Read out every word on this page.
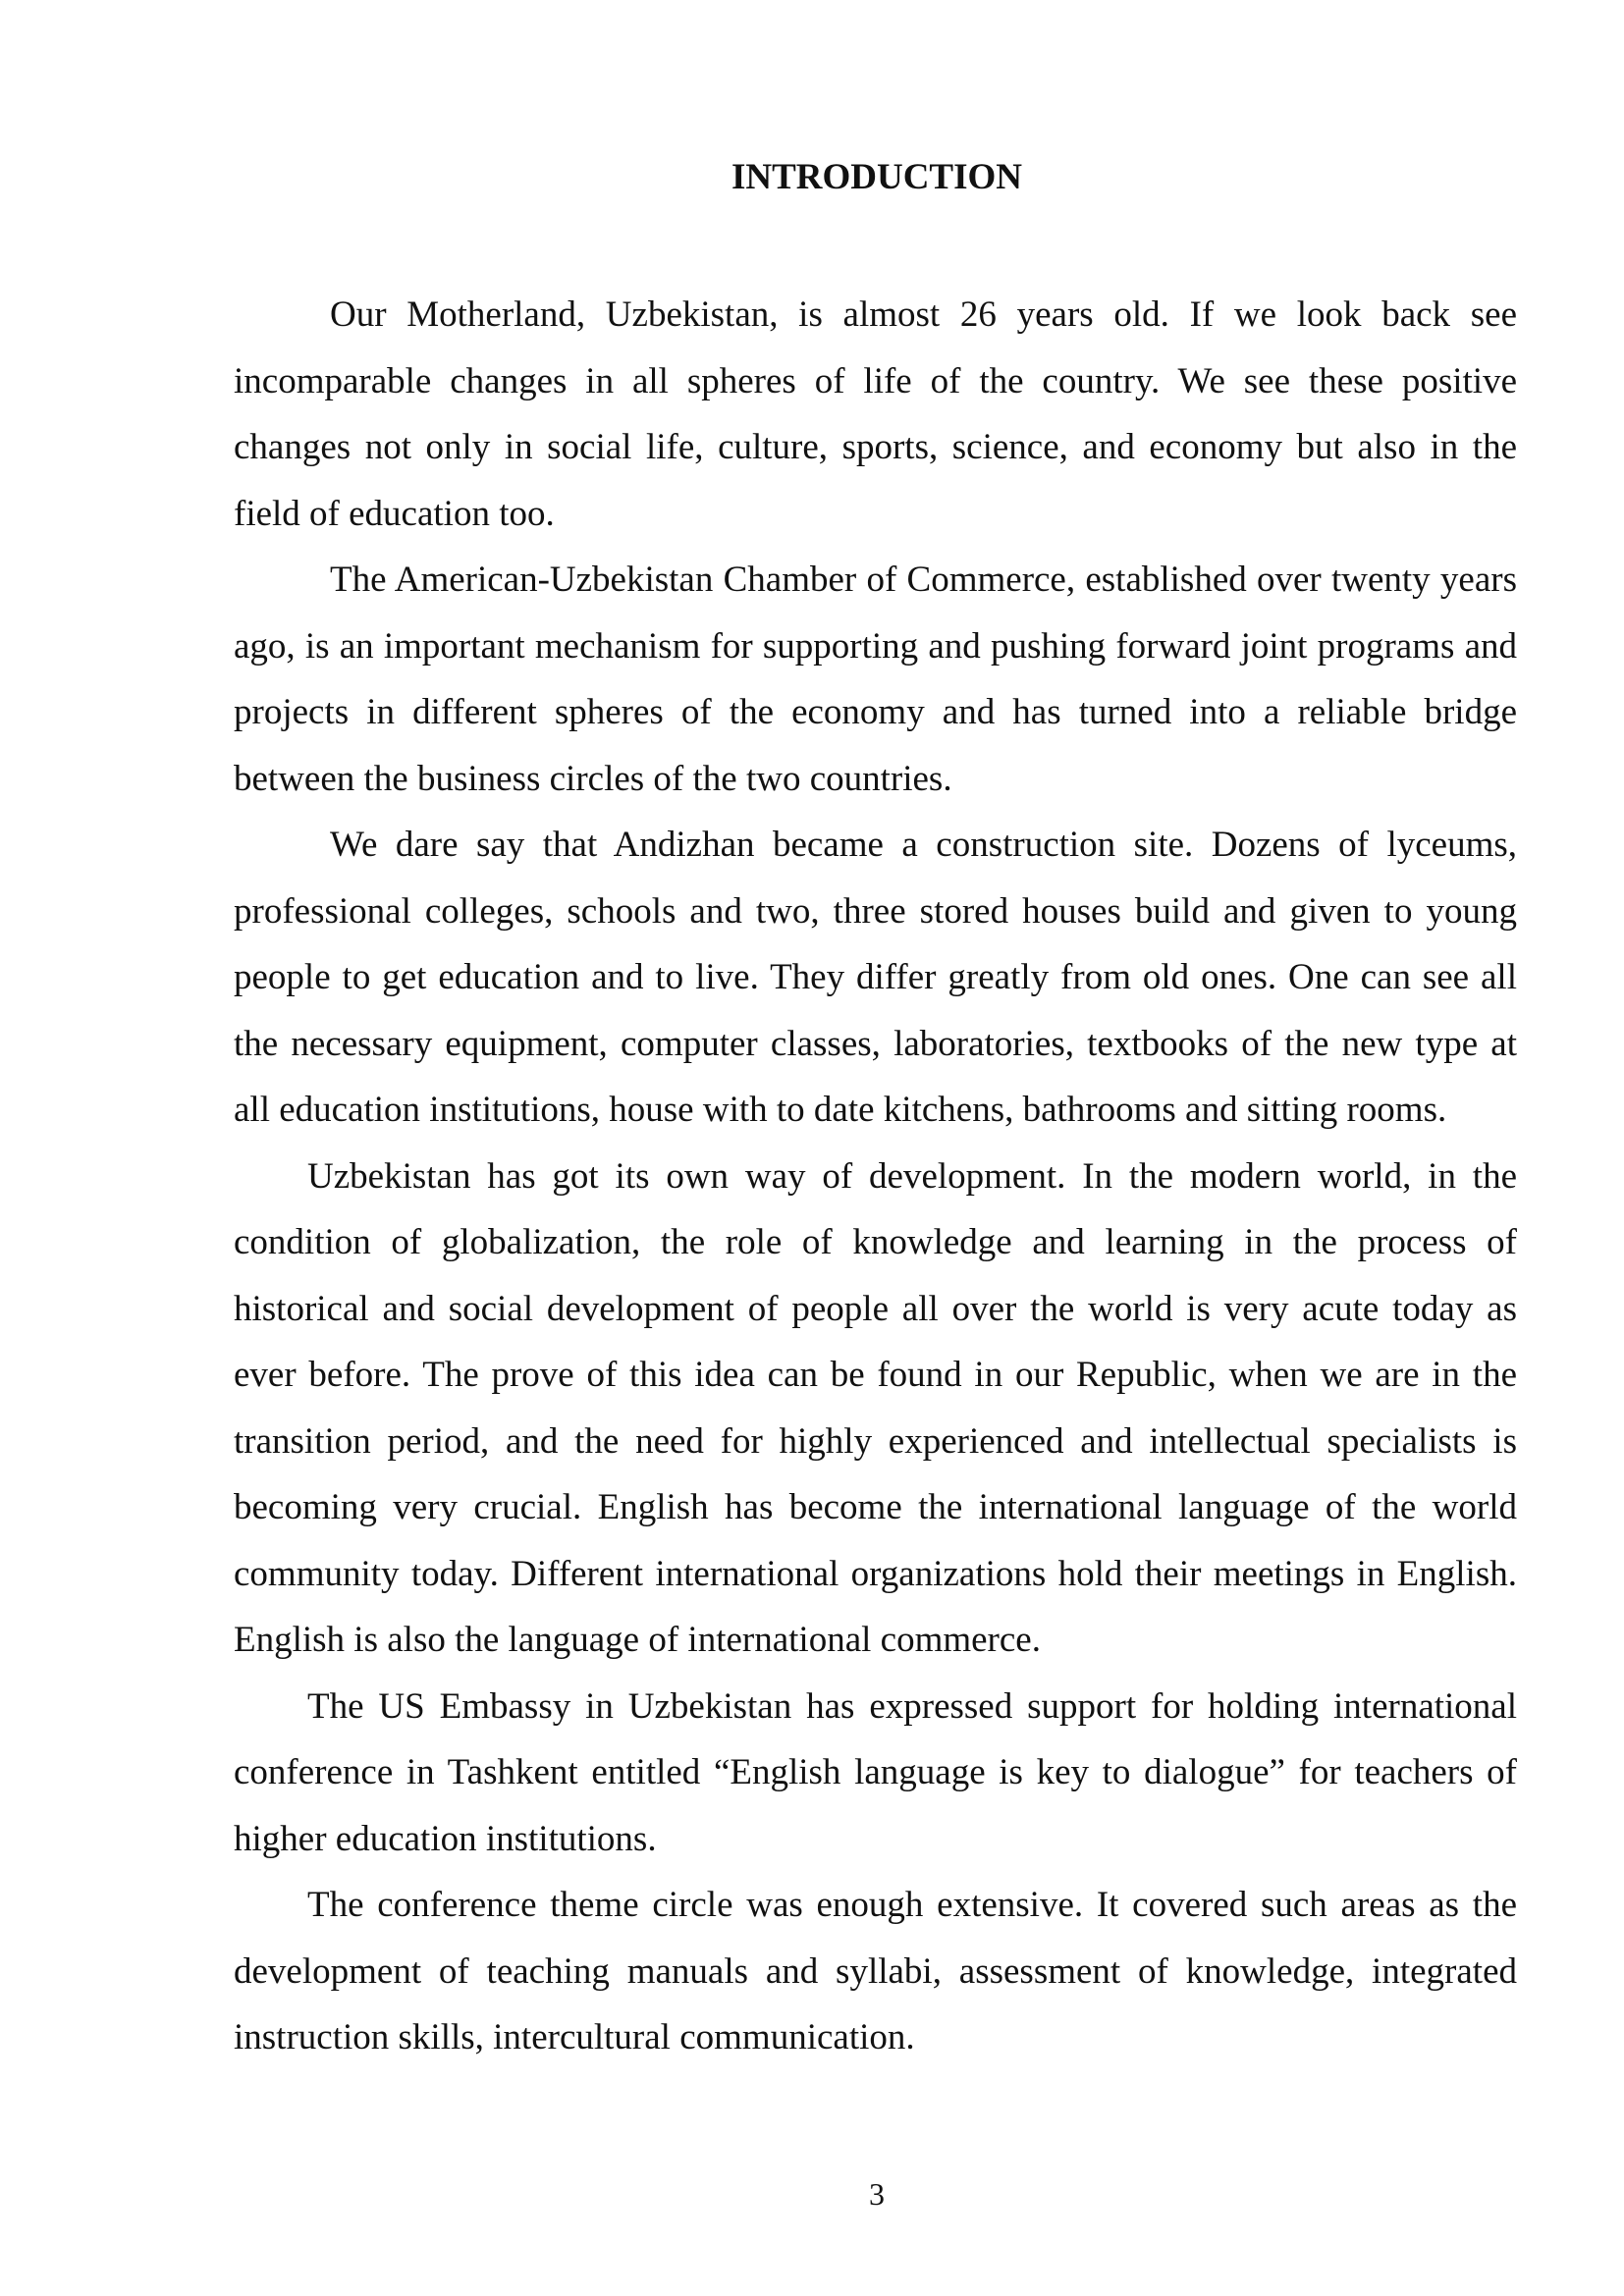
INTRODUCTION

Our Motherland, Uzbekistan, is almost 26 years old. If we look back see incomparable changes in all spheres of life of the country. We see these positive changes not only in social life, culture, sports, science, and economy but also in the field of education too.

The American-Uzbekistan Chamber of Commerce, established over twenty years ago, is an important mechanism for supporting and pushing forward joint programs and projects in different spheres of the economy and has turned into a reliable bridge between the business circles of the two countries.

We dare say that Andizhan became a construction site. Dozens of lyceums, professional colleges, schools and two, three stored houses build and given to young people to get education and to live. They differ greatly from old ones. One can see all the necessary equipment, computer classes, laboratories, textbooks of the new type at all education institutions, house with to date kitchens, bathrooms and sitting rooms.

Uzbekistan has got its own way of development. In the modern world, in the condition of globalization, the role of knowledge and learning in the process of historical and social development of people all over the world is very acute today as ever before. The prove of this idea can be found in our Republic, when we are in the transition period, and the need for highly experienced and intellectual specialists is becoming very crucial. English has become the international language of the world community today. Different international organizations hold their meetings in English. English is also the language of international commerce.

The US Embassy in Uzbekistan has expressed support for holding international conference in Tashkent entitled “English language is key to dialogue” for teachers of higher education institutions.

The conference theme circle was enough extensive. It covered such areas as the development of teaching manuals and syllabi, assessment of knowledge, integrated instruction skills, intercultural communication.

3
